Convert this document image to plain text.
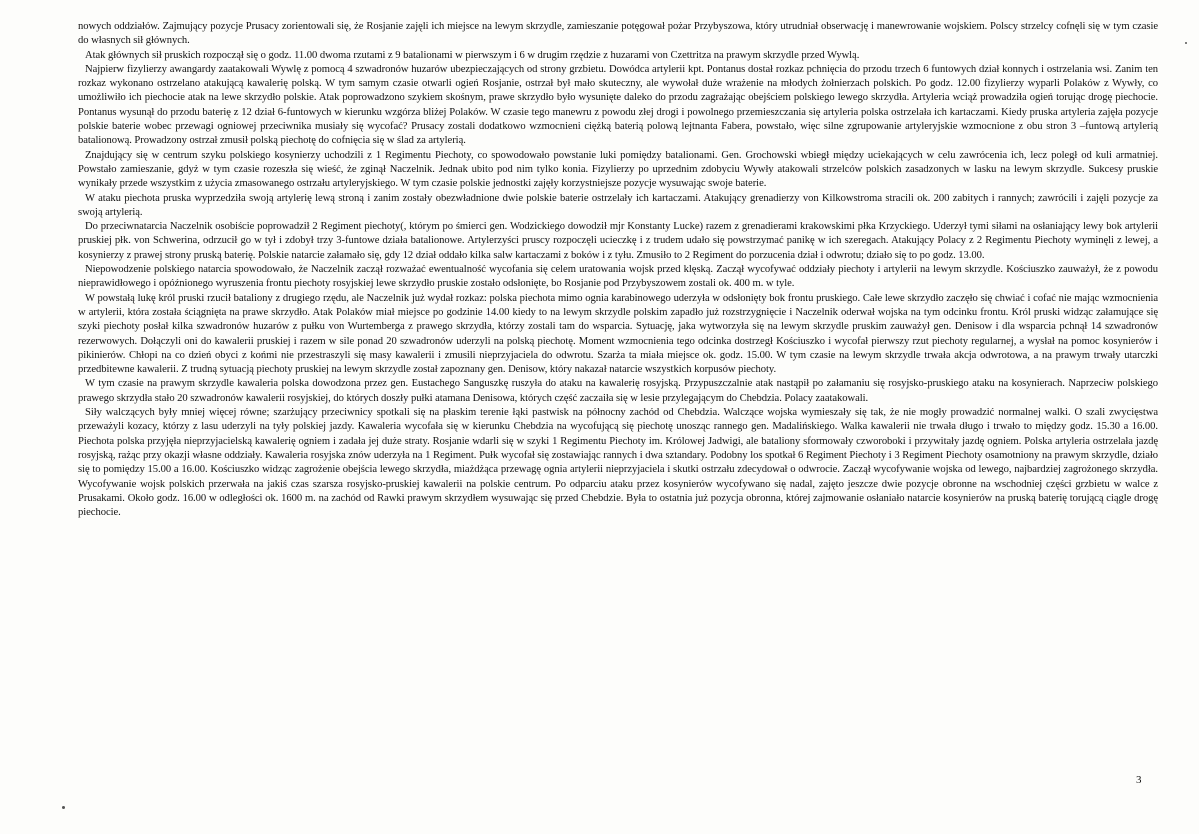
nowych oddziałów. Zajmujący pozycje Prusacy zorientowali się, że Rosjanie zajęli ich miejsce na lewym skrzydle, zamieszanie potęgował pożar Przybyszowa, który utrudniał obserwację i manewrowanie wojskiem. Polscy strzelcy cofnęli się w tym czasie do własnych sił głównych.

Atak głównych sił pruskich rozpoczął się o godz. 11.00 dwoma rzutami z 9 batalionami w pierwszym i 6 w drugim rzędzie z huzarami von Czettritza na prawym skrzydle przed Wywlą.

Najpierw fizylierzy awangardy zaatakowali Wywlę z pomocą 4 szwadronów huzarów ubezpieczających od strony grzbietu. Dowódca artylerii kpt. Pontanus dostał rozkaz pchnięcia do przodu trzech 6 funtowych dział konnych i ostrzelania wsi. Zanim ten rozkaz wykonano ostrzelano atakującą kawalerię polską. W tym samym czasie otwarli ogień Rosjanie, ostrzał był mało skuteczny, ale wywołał duże wrażenie na młodych żołnierzach polskich. Po godz. 12.00 fizylierzy wyparli Polaków z Wywły, co umożliwiło ich piechocie atak na lewe skrzydło polskie. Atak poprowadzono szykiem skośnym, prawe skrzydło było wysunięte daleko do przodu zagrażając obejściem polskiego lewego skrzydła. Artyleria wciąż prowadziła ogień torując drogę piechocie. Pontanus wysunął do przodu baterię z 12 dział 6-funtowych w kierunku wzgórza bliżej Polaków. W czasie tego manewru z powodu złej drogi i powolnego przemieszczania się artyleria polska ostrzelała ich kartaczami. Kiedy pruska artyleria zajęła pozycje polskie baterie wobec przewagi ogniowej przeciwnika musiały się wycofać? Prusacy zostali dodatkowo wzmocnieni ciężką baterią polową lejtnanta Fabera, powstało, więc silne zgrupowanie artyleryjskie wzmocnione z obu stron 3 –funtową artylerią batalionową. Prowadzony ostrzał zmusił polską piechotę do cofnięcia się w ślad za artylerią.

Znajdujący się w centrum szyku polskiego kosynierzy uchodzili z 1 Regimentu Piechoty, co spowodowało powstanie luki pomiędzy batalionami. Gen. Grochowski wbiegł między uciekających w celu zawrócenia ich, lecz poległ od kuli armatniej. Powstało zamieszanie, gdyż w tym czasie rozeszła się wieść, że zginął Naczelnik. Jednak ubito pod nim tylko konia. Fizylierzy po uprzednim zdobyciu Wywły atakowali strzelców polskich zasadzonych w lasku na lewym skrzydle. Sukcesy pruskie wynikały przede wszystkim z użycia zmasowanego ostrzału artyleryjskiego. W tym czasie polskie jednostki zajęły korzystniejsze pozycje wysuwając swoje baterie.

W ataku piechota pruska wyprzedziła swoją artylerię lewą stroną i zanim zostały obezwładnione dwie polskie baterie ostrzelały ich kartaczami. Atakujący grenadierzy von Kilkowstroma stracili ok. 200 zabitych i rannych; zawrócili i zajęli pozycje za swoją artylerią.

Do przeciwnatarcia Naczelnik osobiście poprowadził 2 Regiment piechoty(, którym po śmierci gen. Wodzickiego dowodził mjr Konstanty Lucke) razem z grenadierami krakowskimi płka Krzyckiego. Uderzył tymi siłami na osłaniający lewy bok artylerii pruskiej płk. von Schwerina, odrzucił go w tył i zdobył trzy 3-funtowe działa batalionowe. Artylerzyści pruscy rozpoczęli ucieczkę i z trudem udało się powstrzymać panikę w ich szeregach. Atakujący Polacy z 2 Regimentu Piechoty wyminęli z lewej, a kosynierzy z prawej strony pruską baterię. Polskie natarcie załamało się, gdy 12 dział oddało kilka salw kartaczami z boków i z tyłu. Zmusiło to 2 Regiment do porzucenia dział i odwrotu; działo się to po godz. 13.00.

Niepowodzenie polskiego natarcia spowodowało, że Naczelnik zaczął rozważać ewentualność wycofania się celem uratowania wojsk przed klęską. Zaczął wycofywać oddziały piechoty i artylerii na lewym skrzydle. Kościuszko zauważył, że z powodu nieprawidłowego i opóźnionego wyruszenia frontu piechoty rosyjskiej lewe skrzydło pruskie zostało odsłonięte, bo Rosjanie pod Przybyszowem zostali ok. 400 m. w tyle.

W powstałą lukę król pruski rzucił bataliony z drugiego rzędu, ale Naczelnik już wydał rozkaz: polska piechota mimo ognia karabinowego uderzyła w odsłonięty bok frontu pruskiego. Całe lewe skrzydło zaczęło się chwiać i cofać nie mając wzmocnienia w artylerii, która została ściągnięta na prawe skrzydło. Atak Polaków miał miejsce po godzinie 14.00 kiedy to na lewym skrzydle polskim zapadło już rozstrzygnięcie i Naczelnik oderwał wojska na tym odcinku frontu. Król pruski widząc załamujące się szyki piechoty posłał kilka szwadronów huzarów z pułku von Wurtemberga z prawego skrzydła, którzy zostali tam do wsparcia. Sytuację, jaka wytworzyła się na lewym skrzydle pruskim zauważył gen. Denisow i dla wsparcia pchnął 14 szwadronów rezerwowych. Dołączyli oni do kawalerii pruskiej i razem w sile ponad 20 szwadronów uderzyli na polską piechotę. Moment wzmocnienia tego odcinka dostrzegł Kościuszko i wycofał pierwszy rzut piechoty regularnej, a wysłał na pomoc kosynierów i pikinierów. Chłopi na co dzień obyci z końmi nie przestraszyli się masy kawalerii i zmusili nieprzyjaciela do odwrotu. Szarża ta miała miejsce ok. godz. 15.00. W tym czasie na lewym skrzydle trwała akcja odwrotowa, a na prawym trwały utarczki przedbitewne kawalerii. Z trudną sytuacją piechoty pruskiej na lewym skrzydle został zapoznany gen. Denisow, który nakazał natarcie wszystkich korpusów piechoty.

W tym czasie na prawym skrzydle kawaleria polska dowodzona przez gen. Eustachego Sanguszkę ruszyła do ataku na kawalerię rosyjską. Przypuszczalnie atak nastąpił po załamaniu się rosyjsko-pruskiego ataku na kosynierach. Naprzeciw polskiego prawego skrzydła stało 20 szwadronów kawalerii rosyjskiej, do których doszły pułki atamana Denisowa, których część zaczaiła się w lesie przylegającym do Chebdzia. Polacy zaatakowali.

Siły walczących były mniej więcej równe; szarżujący przeciwnicy spotkali się na płaskim terenie łąki pastwisk na północny zachód od Chebdzia. Walczące wojska wymieszały się tak, że nie mogły prowadzić normalnej walki. O szali zwycięstwa przeważyli kozacy, którzy z lasu uderzyli na tyły polskiej jazdy. Kawaleria wycofała się w kierunku Chebdzia na wycofującą się piechotę unosząc rannego gen. Madalińskiego. Walka kawalerii nie trwała długo i trwało to między godz. 15.30 a 16.00. Piechota polska przyjęła nieprzyjacielską kawalerię ogniem i zadała jej duże straty. Rosjanie wdarli się w szyki 1 Regimentu Piechoty im. Królowej Jadwigi, ale bataliony sformowały czworoboki i przywitały jazdę ogniem. Polska artyleria ostrzelała jazdę rosyjską, rażąc przy okazji własne oddziały. Kawaleria rosyjska znów uderzyła na 1 Regiment. Pułk wycofał się zostawiając rannych i dwa sztandary. Podobny los spotkał 6 Regiment Piechoty i 3 Regiment Piechoty osamotniony na prawym skrzydle, działo się to pomiędzy 15.00 a 16.00. Kościuszko widząc zagrożenie obejścia lewego skrzydła, miażdżąca przewagę ognia artylerii nieprzyjaciela i skutki ostrzału zdecydował o odwrocie. Zaczął wycofywanie wojska od lewego, najbardziej zagrożonego skrzydła. Wycofywanie wojsk polskich przerwała na jakiś czas szarsza rosyjsko-pruskiej kawalerii na polskie centrum. Po odparciu ataku przez kosynierów wycofywano się nadal, zajęto jeszcze dwie pozycje obronne na wschodniej części grzbietu w walce z Prusakami. Około godz. 16.00 w odległości ok. 1600 m. na zachód od Rawki prawym skrzydłem wysuwając się przed Chebdzie. Była to ostatnia już pozycja obronna, której zajmowanie osłaniało natarcie kosynierów na pruską baterię torującą ciągle drogę piechocie.

3
